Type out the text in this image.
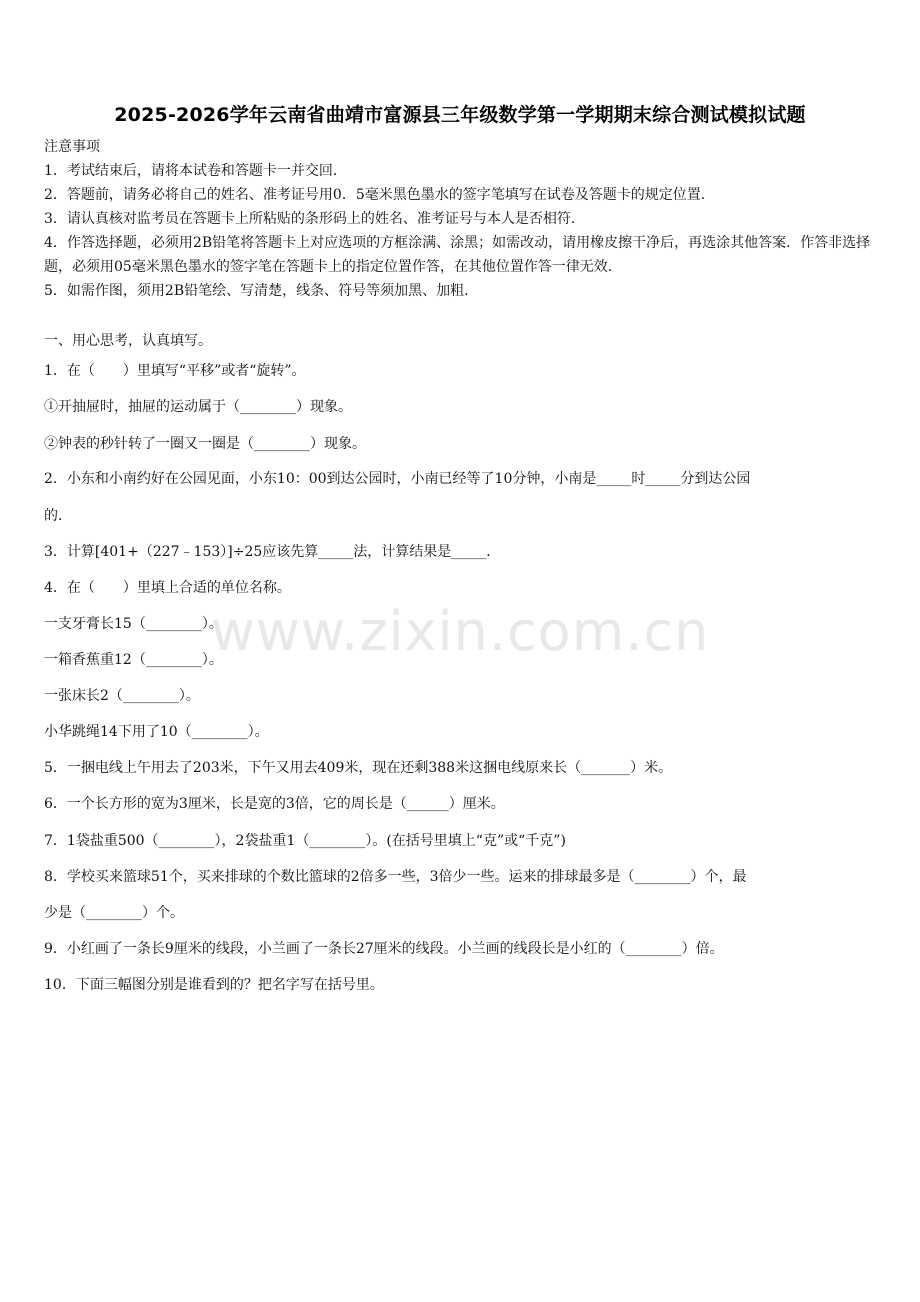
2025-2026学年云南省曲靖市富源县三年级数学第一学期期末综合测试模拟试题
注意事项
1．考试结束后，请将本试卷和答题卡一并交回．
2．答题前，请务必将自己的姓名、准考证号用0．5毫米黑色墨水的签字笔填写在试卷及答题卡的规定位置．
3．请认真核对监考员在答题卡上所粘贴的条形码上的姓名、准考证号与本人是否相符．
4．作答选择题，必须用2B铅笔将答题卡上对应选项的方框涂满、涂黑；如需改动，请用橡皮擦干净后，再选涂其他答案．作答非选择题，必须用05毫米黑色墨水的签字笔在答题卡上的指定位置作答，在其他位置作答一律无效．
5．如需作图，须用2B铅笔绘、写清楚，线条、符号等须加黑、加粗．
一、用心思考，认真填写。
1．在（　　）里填写“平移”或者“旋转”。
①开抽屉时，抽屉的运动属于（________）现象。
②钟表的秒针转了一圈又一圈是（________）现象。
2．小东和小南约好在公园见面，小东10：00到达公园时，小南已经等了10分钟，小南是_____时_____分到达公园
的．
3．计算[401+（227﹣153）]÷25应该先算_____法，计算结果是_____．
4．在（　　）里填上合适的单位名称。
一支牙膏长15（________）。
一箱香蕉重12（________）。
一张床长2（________）。
小华跳绳14下用了10（________）。
5．一捆电线上午用去了203米，下午又用去409米，现在还剩388米这捆电线原来长（_______）米。
6．一个长方形的宽为3厘米，长是宽的3倍，它的周长是（______）厘米。
7．1袋盐重500（________），2袋盐重1（________）。(在括号里填上“克”或“千克”)
8．学校买来篮球51个，买来排球的个数比篮球的2倍多一些，3倍少一些。运来的排球最多是（________）个，最
少是（________）个。
9．小红画了一条长9厘米的线段，小兰画了一条长27厘米的线段。小兰画的线段长是小红的（________）倍。
10．下面三幅图分别是谁看到的？把名字写在括号里。
www.zixin.com.cn
